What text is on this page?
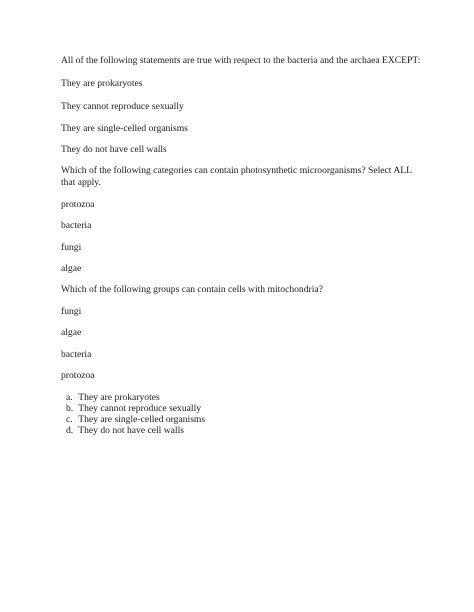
All of the following statements are true with respect to the bacteria and the archaea EXCEPT:
They are prokaryotes
They cannot reproduce sexually
They are single-celled organisms
They do not have cell walls
Which of the following categories can contain photosynthetic microorganisms? Select ALL that apply.
protozoa
bacteria
fungi
algae
Which of the following groups can contain cells with mitochondria?
fungi
algae
bacteria
protozoa
a. They are prokaryotes
b. They cannot reproduce sexually
c. They are single-celled organisms
d. They do not have cell walls
